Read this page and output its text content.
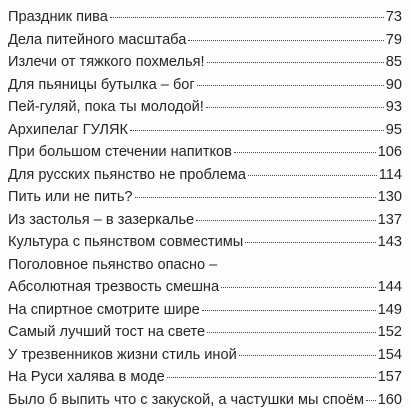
Праздник пива	73
Дела питейного масштаба	79
Излечи от тяжкого похмелья!	85
Для пьяницы бутылка – бог	90
Пей-гуляй, пока ты молодой!	93
Архипелаг ГУЛЯК	95
При большом стечении напитков	106
Для русских пьянство не проблема	114
Пить или не пить?	130
Из застолья – в зазеркалье	137
Культура с пьянством совместимы	143
Поголовное пьянство опасно –
Абсолютная трезвость смешна	144
На спиртное смотрите шире	149
Самый лучший тост на свете	152
У трезвенников жизни стиль иной	154
На Руси халява в моде	157
Было б выпить что с закуской, а частушки мы споём 160
